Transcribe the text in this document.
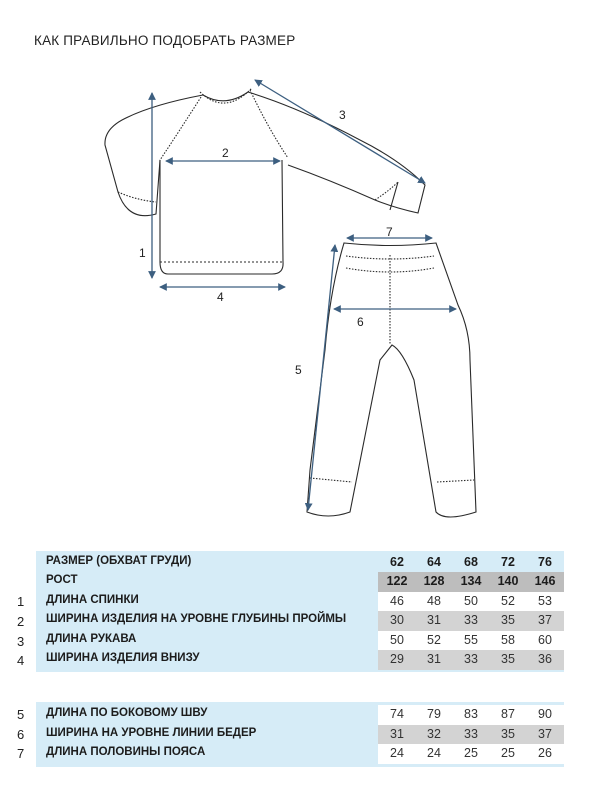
КАК ПРАВИЛЬНО ПОДОБРАТЬ РАЗМЕР
1
2
3
4
5
6
7
РАЗМЕР (ОБХВАТ ГРУДИ)	62	64	68	72	76
РОСТ	122	128	134	140	146
ДЛИНА СПИНКИ	46	48	50	52	53
ШИРИНА ИЗДЕЛИЯ НА УРОВНЕ ГЛУБИНЫ ПРОЙМЫ	30	31	33	35	37
ДЛИНА РУКАВА	50	52	55	58	60
ШИРИНА ИЗДЕЛИЯ ВНИЗУ	29	31	33	35	36
1
2
3
4
ДЛИНА ПО БОКОВОМУ ШВУ	74	79	83	87	90
ШИРИНА НА УРОВНЕ ЛИНИИ БЕДЕР	31	32	33	35	37
ДЛИНА ПОЛОВИНЫ ПОЯСА	24	24	25	25	26
5
6
7
